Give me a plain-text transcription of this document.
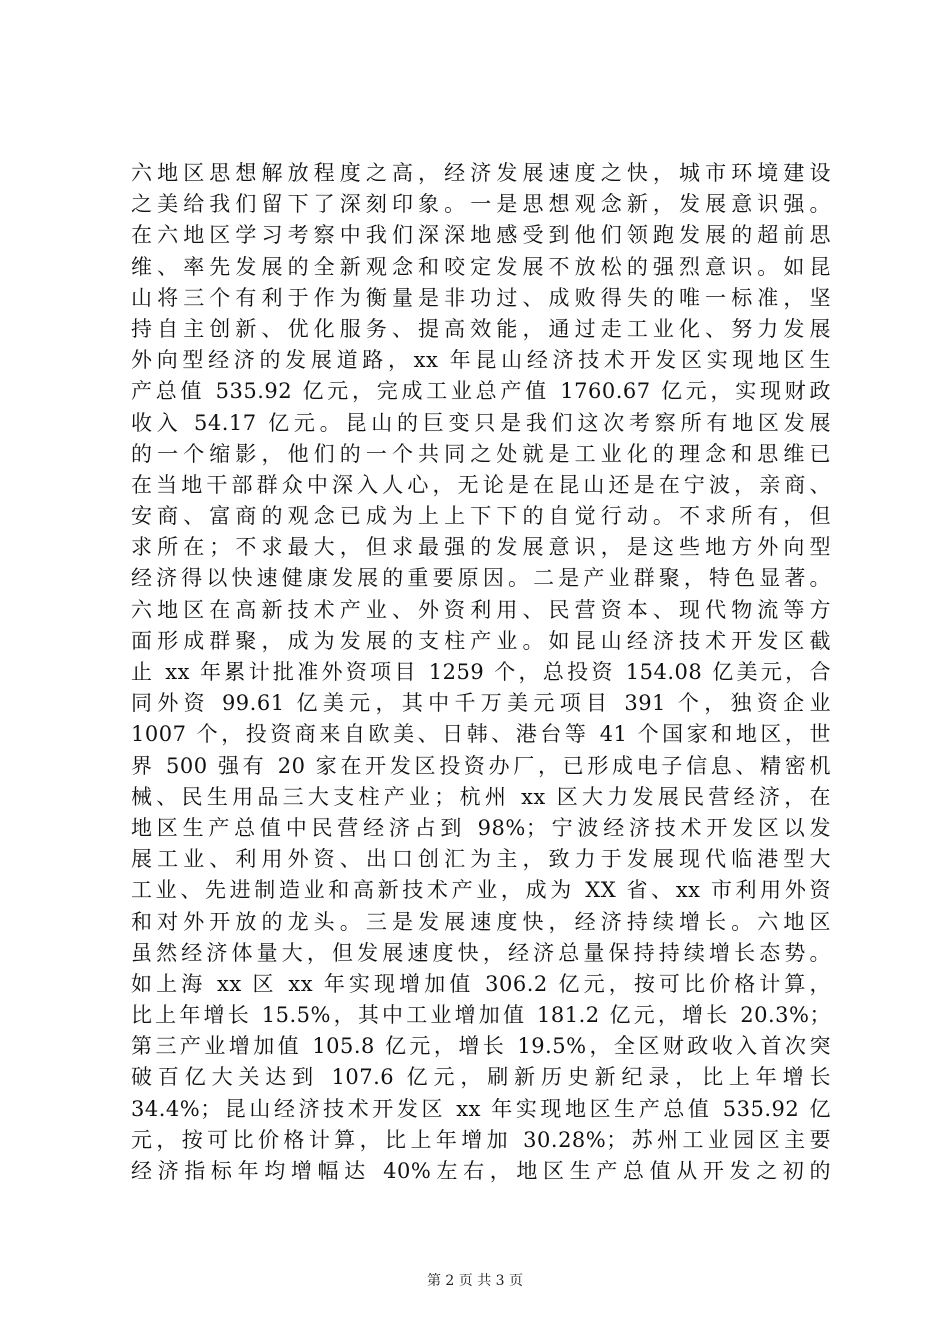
六地区思想解放程度之高，经济发展速度之快，城市环境建设
之美给我们留下了深刻印象。一是思想观念新，发展意识强。
在六地区学习考察中我们深深地感受到他们领跑发展的超前思
维、率先发展的全新观念和咬定发展不放松的强烈意识。如昆
山将三个有利于作为衡量是非功过、成败得失的唯一标准，坚
持自主创新、优化服务、提高效能，通过走工业化、努力发展
外向型经济的发展道路，xx 年昆山经济技术开发区实现地区生
产总值 535.92 亿元，完成工业总产值 1760.67 亿元，实现财政
收入 54.17 亿元。昆山的巨变只是我们这次考察所有地区发展
的一个缩影，他们的一个共同之处就是工业化的理念和思维已
在当地干部群众中深入人心，无论是在昆山还是在宁波，亲商、
安商、富商的观念已成为上上下下的自觉行动。不求所有，但
求所在；不求最大，但求最强的发展意识，是这些地方外向型
经济得以快速健康发展的重要原因。二是产业群聚，特色显著。
六地区在高新技术产业、外资利用、民营资本、现代物流等方
面形成群聚，成为发展的支柱产业。如昆山经济技术开发区截
止 xx 年累计批准外资项目 1259 个，总投资 154.08 亿美元，合
同外资 99.61 亿美元，其中千万美元项目 391 个，独资企业
1007 个，投资商来自欧美、日韩、港台等 41 个国家和地区，世
界 500 强有 20 家在开发区投资办厂，已形成电子信息、精密机
械、民生用品三大支柱产业；杭州 xx 区大力发展民营经济，在
地区生产总值中民营经济占到 98%；宁波经济技术开发区以发
展工业、利用外资、出口创汇为主，致力于发展现代临港型大
工业、先进制造业和高新技术产业，成为 XX 省、xx 市利用外资
和对外开放的龙头。三是发展速度快，经济持续增长。六地区
虽然经济体量大，但发展速度快，经济总量保持持续增长态势。
如上海 xx 区 xx 年实现增加值 306.2 亿元，按可比价格计算，
比上年增长 15.5%，其中工业增加值 181.2 亿元，增长 20.3%；
第三产业增加值 105.8 亿元，增长 19.5%，全区财政收入首次突
破百亿大关达到 107.6 亿元，刷新历史新纪录，比上年增长
34.4%；昆山经济技术开发区 xx 年实现地区生产总值 535.92 亿
元，按可比价格计算，比上年增加 30.28%；苏州工业园区主要
经济指标年均增幅达 40%左右，地区生产总值从开发之初的
第 2 页 共 3 页
